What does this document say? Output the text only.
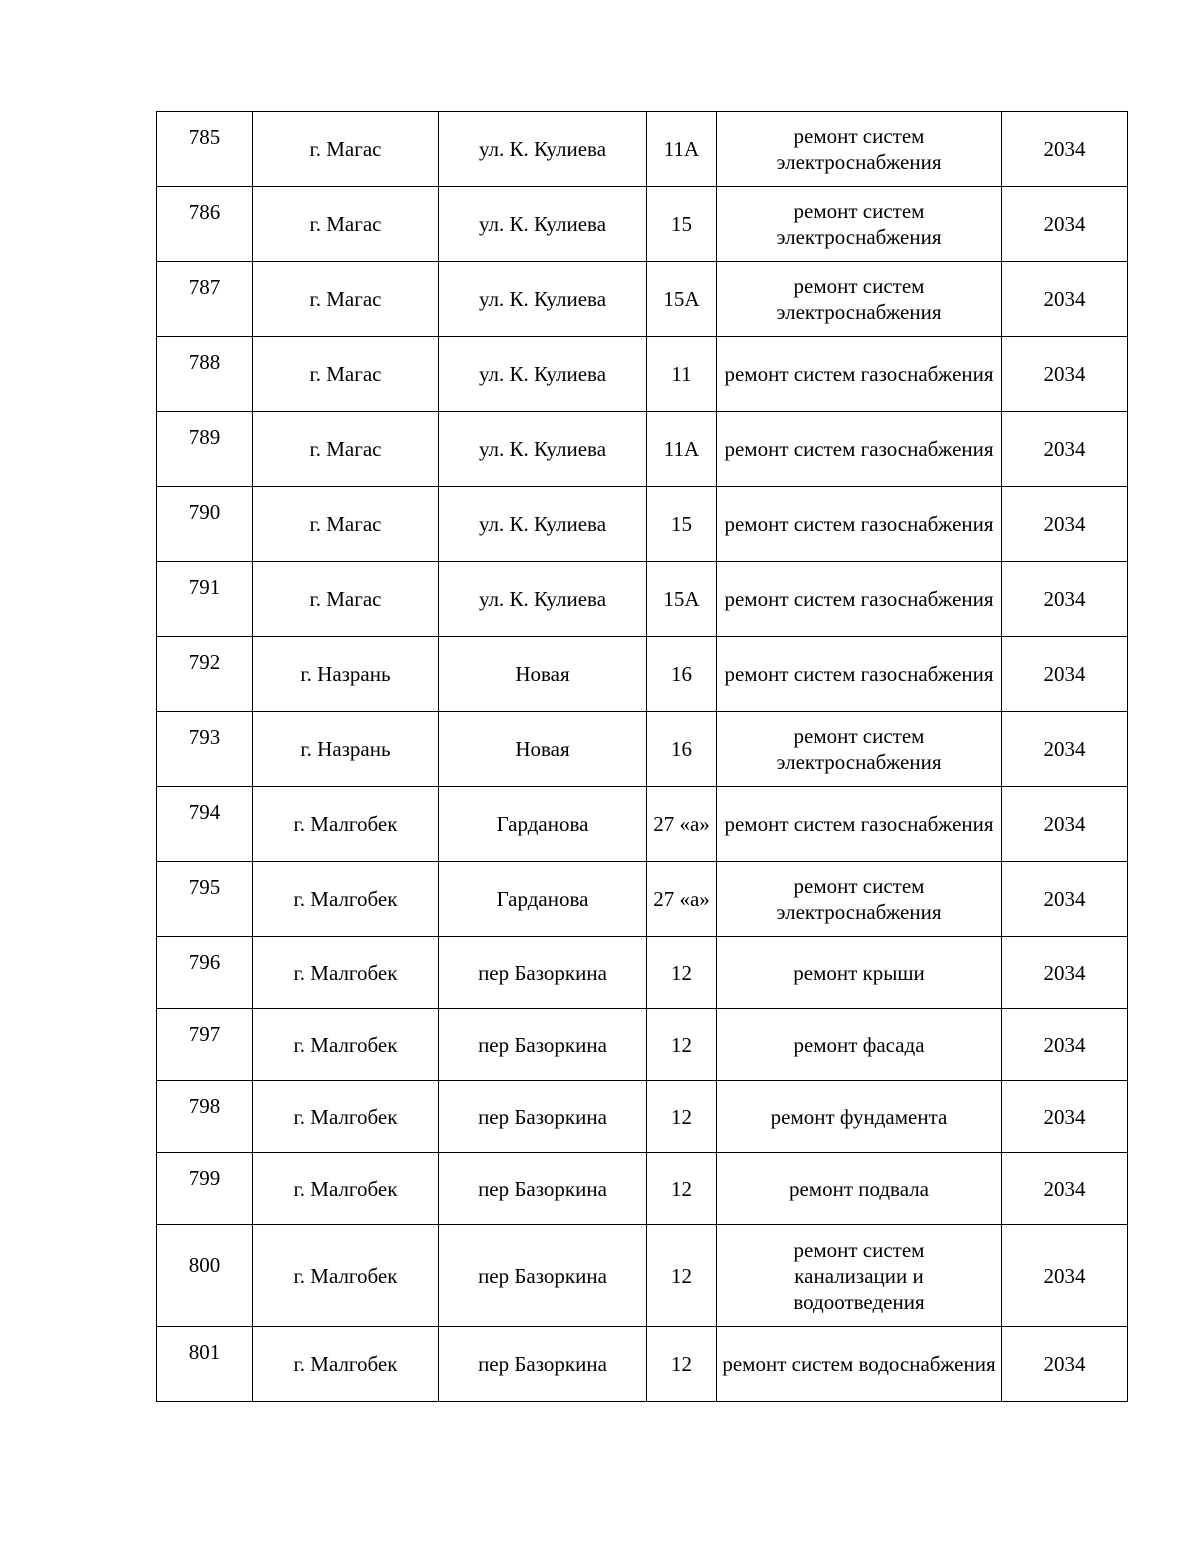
785	г. Магас	ул. К. Кулиева	11А	ремонт систем электроснабжения	2034
786	г. Магас	ул. К. Кулиева	15	ремонт систем электроснабжения	2034
787	г. Магас	ул. К. Кулиева	15А	ремонт систем электроснабжения	2034
788	г. Магас	ул. К. Кулиева	11	ремонт систем газоснабжения	2034
789	г. Магас	ул. К. Кулиева	11А	ремонт систем газоснабжения	2034
790	г. Магас	ул. К. Кулиева	15	ремонт систем газоснабжения	2034
791	г. Магас	ул. К. Кулиева	15А	ремонт систем газоснабжения	2034
792	г. Назрань	Новая	16	ремонт систем газоснабжения	2034
793	г. Назрань	Новая	16	ремонт систем электроснабжения	2034
794	г. Малгобек	Гарданова	27 «а»	ремонт систем газоснабжения	2034
795	г. Малгобек	Гарданова	27 «а»	ремонт систем электроснабжения	2034
796	г. Малгобек	пер Базоркина	12	ремонт крыши	2034
797	г. Малгобек	пер Базоркина	12	ремонт фасада	2034
798	г. Малгобек	пер Базоркина	12	ремонт фундамента	2034
799	г. Малгобек	пер Базоркина	12	ремонт подвала	2034
800	г. Малгобек	пер Базоркина	12	ремонт систем канализации и водоотведения	2034
801	г. Малгобек	пер Базоркина	12	ремонт систем водоснабжения	2034
